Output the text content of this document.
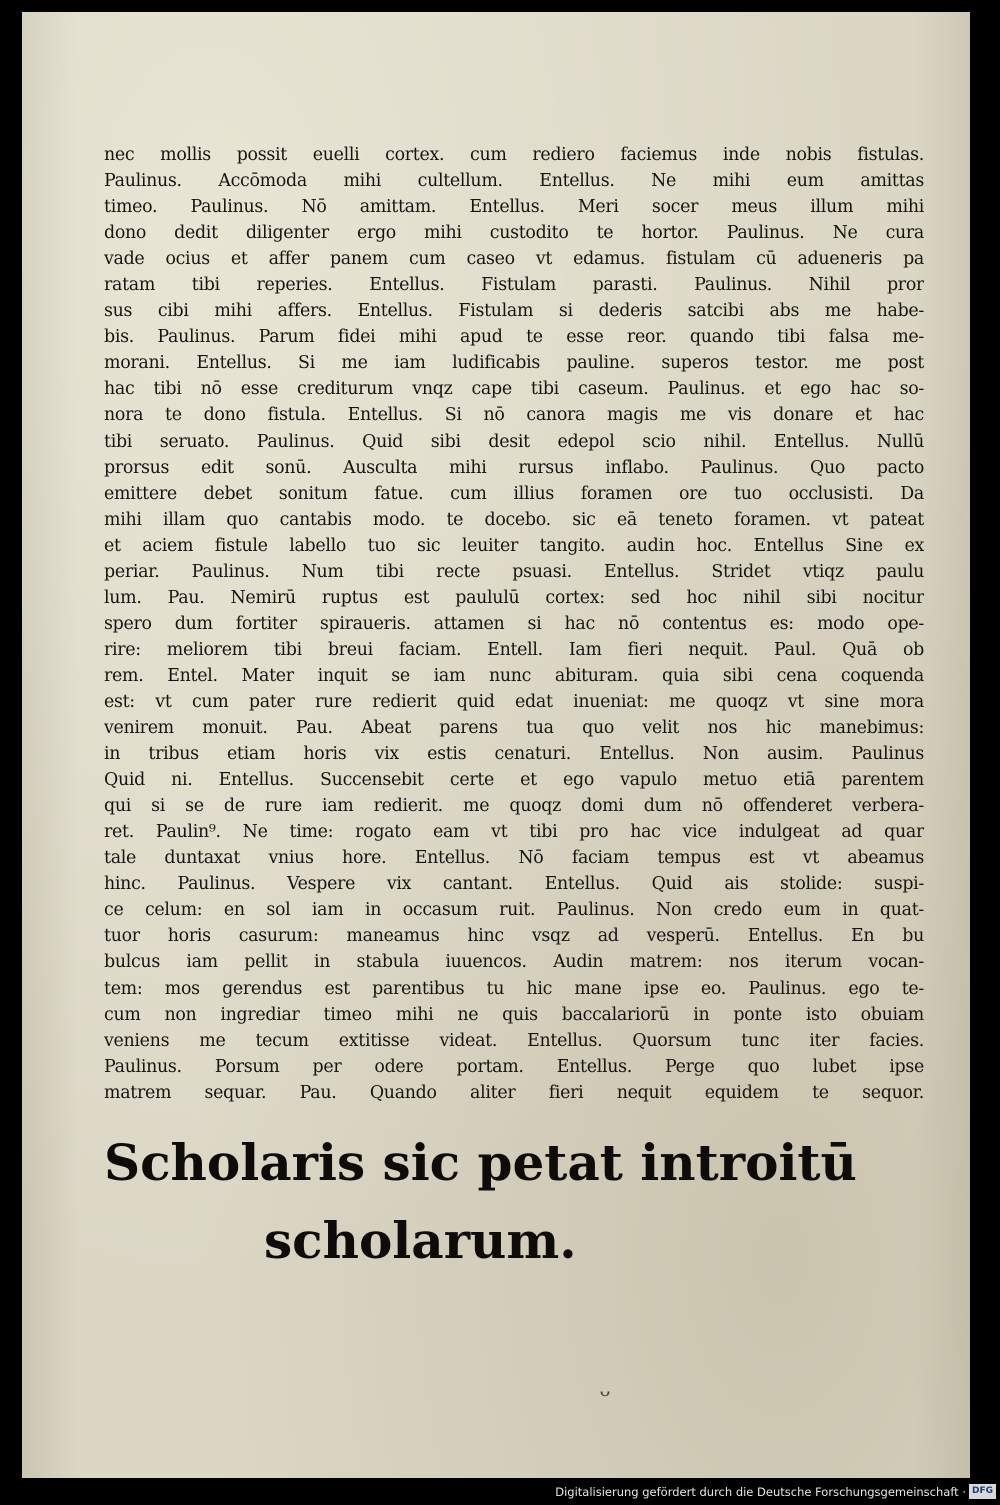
nec mollis possit euelli cortex. cum rediero faciemus inde nobis fistulas.
Paulinus. Accōmoda mihi cultellum. Entellus. Ne mihi eum amittas
timeo. Paulinus. Nō amittam. Entellus. Meri socer meus illum mihi
dono dedit diligenter ergo mihi custodito te hortor. Paulinus. Ne cura
vade ocius et affer panem cum caseo vt edamus. fistulam cū adueneris pa
ratam tibi reperies. Entellus. Fistulam parasti. Paulinus. Nihil pror
sus cibi mihi affers. Entellus. Fistulam si dederis satcibi abs me habe-
bis. Paulinus. Parum fidei mihi apud te esse reor. quando tibi falsa me-
morani. Entellus. Si me iam ludificabis pauline. superos testor. me post
hac tibi nō esse crediturum vnqz cape tibi caseum. Paulinus. et ego hac so-
nora te dono fistula. Entellus. Si nō canora magis me vis donare et hac
tibi seruato. Paulinus. Quid sibi desit edepol scio nihil. Entellus. Nullū
prorsus edit sonū. Ausculta mihi rursus inflabo. Paulinus. Quo pacto
emittere debet sonitum fatue. cum illius foramen ore tuo occlusisti. Da
mihi illam quo cantabis modo. te docebo. sic eā teneto foramen. vt pateat
et aciem fistule labello tuo sic leuiter tangito. audin hoc. Entellus Sine ex
periar. Paulinus. Num tibi recte psuasi. Entellus. Stridet vtiqz paulu
lum. Pau. Nemirū ruptus est paululū cortex: sed hoc nihil sibi nocitur
spero dum fortiter spiraueris. attamen si hac nō contentus es: modo ope-
rire: meliorem tibi breui faciam. Entell. Iam fieri nequit. Paul. Quā ob
rem. Entel. Mater inquit se iam nunc abituram. quia sibi cena coquenda
est: vt cum pater rure redierit quid edat inueniat: me quoqz vt sine mora
venirem monuit. Pau. Abeat parens tua quo velit nos hic manebimus:
in tribus etiam horis vix estis cenaturi. Entellus. Non ausim. Paulinus
Quid ni. Entellus. Succensebit certe et ego vapulo metuo etiā parentem
qui si se de rure iam redierit. me quoqz domi dum nō offenderet verbera-
ret. Paulin⁹. Ne time: rogato eam vt tibi pro hac vice indulgeat ad quar
tale duntaxat vnius hore. Entellus. Nō faciam tempus est vt abeamus
hinc. Paulinus. Vespere vix cantant. Entellus. Quid ais stolide: suspi-
ce celum: en sol iam in occasum ruit. Paulinus. Non credo eum in quat-
tuor horis casurum: maneamus hinc vsqz ad vesperū. Entellus. En bu
bulcus iam pellit in stabula iuuencos. Audin matrem: nos iterum vocan-
tem: mos gerendus est parentibus tu hic mane ipse eo. Paulinus. ego te-
cum non ingrediar timeo mihi ne quis baccalariorū in ponte isto obuiam
veniens me tecum extitisse videat. Entellus. Quorsum tunc iter facies.
Paulinus. Porsum per odere portam. Entellus. Perge quo lubet ipse
matrem sequar. Pau. Quando aliter fieri nequit equidem te sequor.
Scholaris sic petat introitū
scholarum.
ᴗ
Digitalisierung gefördert durch die Deutsche Forschungsgemeinschaft · DFG
